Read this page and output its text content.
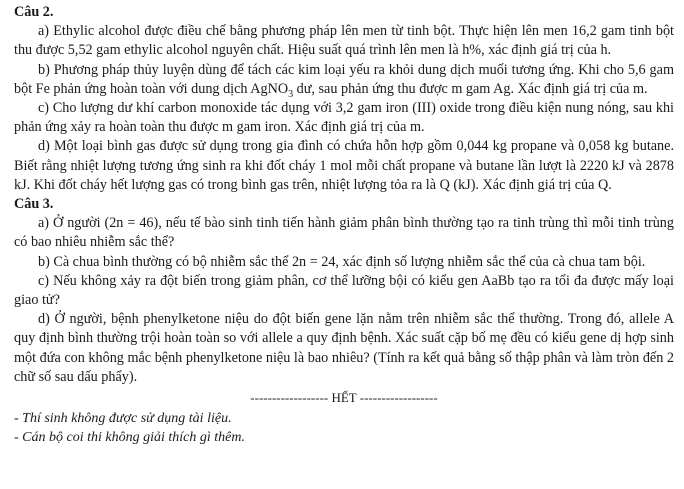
Câu 2.

a) Ethylic alcohol được điều chế bằng phương pháp lên men từ tinh bột. Thực hiện lên men 16,2 gam tinh bột thu được 5,52 gam ethylic alcohol nguyên chất. Hiệu suất quá trình lên men là h%, xác định giá trị của h.

b) Phương pháp thủy luyện dùng để tách các kim loại yếu ra khỏi dung dịch muối tương ứng. Khi cho 5,6 gam bột Fe phản ứng hoàn toàn với dung dịch AgNO$_3$ dư, sau phản ứng thu được m gam Ag. Xác định giá trị của m.

c) Cho lượng dư khí carbon monoxide tác dụng với 3,2 gam iron (III) oxide trong điều kiện nung nóng, sau khi phản ứng xảy ra hoàn toàn thu được m gam iron. Xác định giá trị của m.

d) Một loại bình gas được sử dụng trong gia đình có chứa hỗn hợp gồm 0,044 kg propane và 0,058 kg butane. Biết rằng nhiệt lượng tương ứng sinh ra khi đốt cháy 1 mol mỗi chất propane và butane lần lượt là 2220 kJ và 2878 kJ. Khi đốt cháy hết lượng gas có trong bình gas trên, nhiệt lượng tỏa ra là Q (kJ). Xác định giá trị của Q.

Câu 3.

a) Ở người (2n = 46), nếu tế bào sinh tinh tiến hành giảm phân bình thường tạo ra tinh trùng thì mỗi tinh trùng có bao nhiêu nhiễm sắc thể?

b) Cà chua bình thường có bộ nhiễm sắc thể 2n = 24, xác định số lượng nhiễm sắc thể của cà chua tam bội.

c) Nếu không xảy ra đột biến trong giảm phân, cơ thể lưỡng bội có kiểu gen AaBb tạo ra tối đa được mấy loại giao tử?

d) Ở người, bệnh phenylketone niệu do đột biến gene lặn nằm trên nhiễm sắc thể thường. Trong đó, allele A quy định bình thường trội hoàn toàn so với allele a quy định bệnh. Xác suất cặp bố mẹ đều có kiểu gene dị hợp sinh một đứa con không mắc bệnh phenylketone niệu là bao nhiêu? (Tính ra kết quả bằng số thập phân và làm tròn đến 2 chữ số sau dấu phẩy).

------------------ HẾT ------------------

- Thí sinh không được sử dụng tài liệu.

- Cán bộ coi thi không giải thích gì thêm.
